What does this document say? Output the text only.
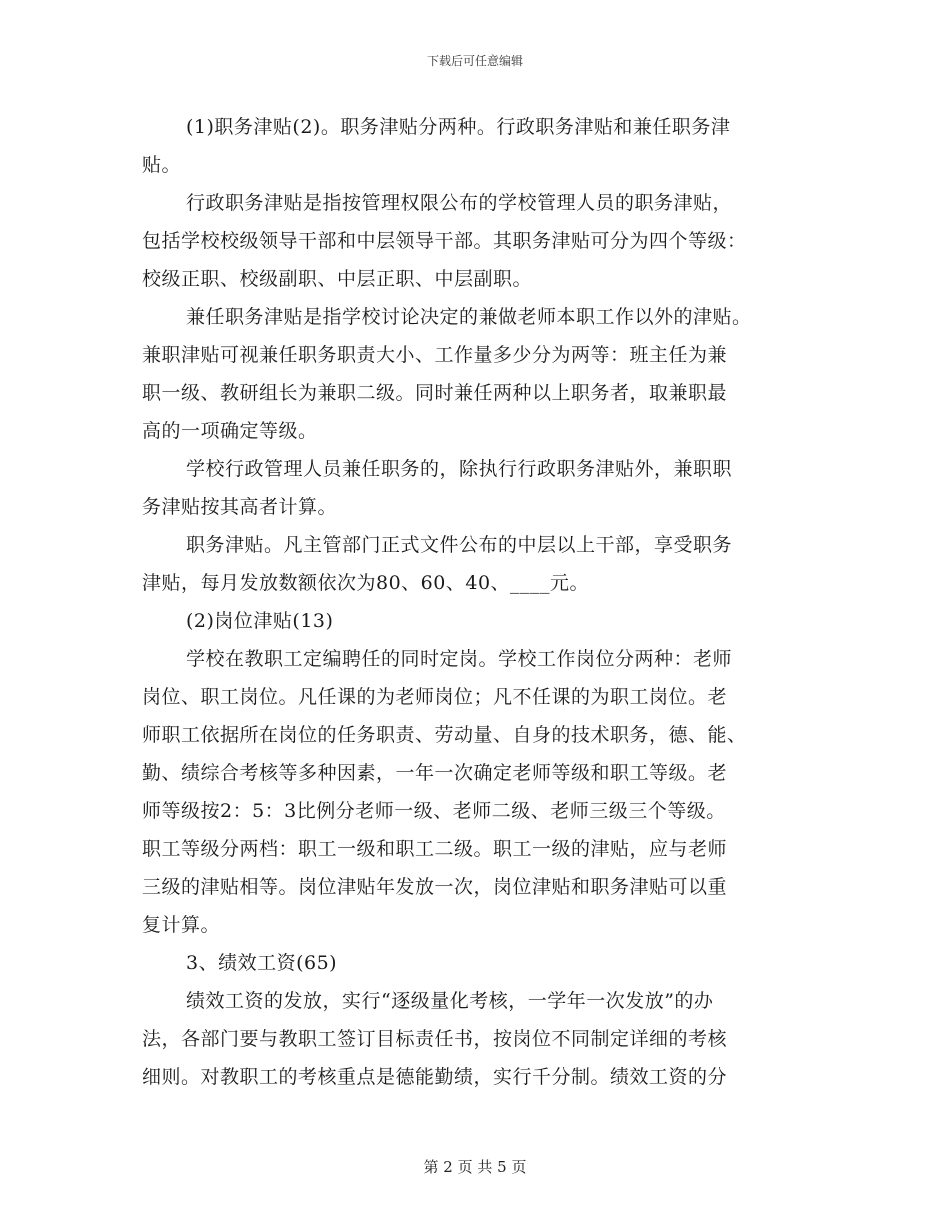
下载后可任意编辑
(1)职务津贴(2)。职务津贴分两种。行政职务津贴和兼任职务津
贴。
行政职务津贴是指按管理权限公布的学校管理人员的职务津贴，
包括学校校级领导干部和中层领导干部。其职务津贴可分为四个等级：
校级正职、校级副职、中层正职、中层副职。
兼任职务津贴是指学校讨论决定的兼做老师本职工作以外的津贴。
兼职津贴可视兼任职务职责大小、工作量多少分为两等：班主任为兼
职一级、教研组长为兼职二级。同时兼任两种以上职务者，取兼职最
高的一项确定等级。
学校行政管理人员兼任职务的，除执行行政职务津贴外，兼职职
务津贴按其高者计算。
职务津贴。凡主管部门正式文件公布的中层以上干部，享受职务
津贴，每月发放数额依次为80、60、40、____元。
(2)岗位津贴(13)
学校在教职工定编聘任的同时定岗。学校工作岗位分两种：老师
岗位、职工岗位。凡任课的为老师岗位；凡不任课的为职工岗位。老
师职工依据所在岗位的任务职责、劳动量、自身的技术职务，德、能、
勤、绩综合考核等多种因素，一年一次确定老师等级和职工等级。老
师等级按2：5：3比例分老师一级、老师二级、老师三级三个等级。
职工等级分两档：职工一级和职工二级。职工一级的津贴，应与老师
三级的津贴相等。岗位津贴年发放一次，岗位津贴和职务津贴可以重
复计算。
3、绩效工资(65)
绩效工资的发放，实行“逐级量化考核，一学年一次发放”的办
法，各部门要与教职工签订目标责任书，按岗位不同制定详细的考核
细则。对教职工的考核重点是德能勤绩，实行千分制。绩效工资的分
第 2 页 共 5 页
